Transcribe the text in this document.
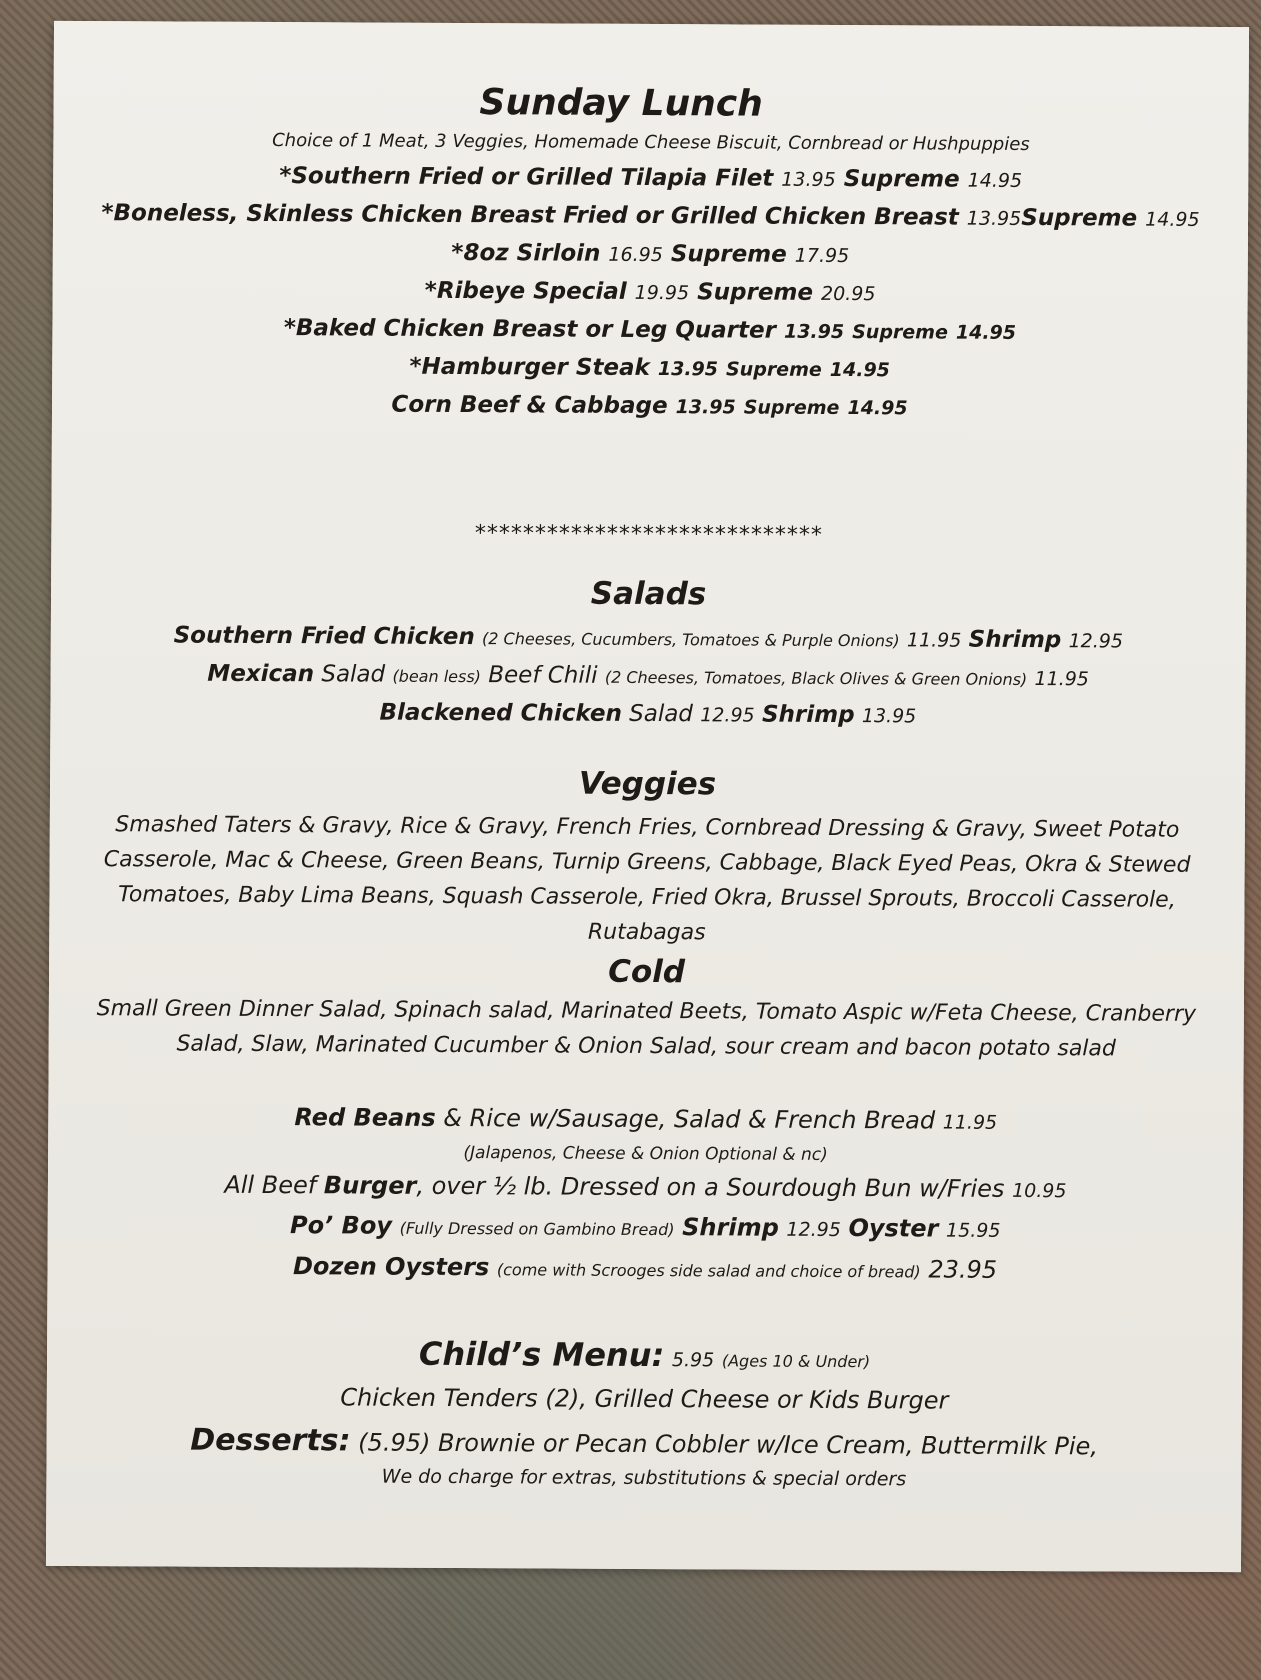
Sunday Lunch
Choice of 1 Meat, 3 Veggies, Homemade Cheese Biscuit, Cornbread or Hushpuppies
*Southern Fried or Grilled Tilapia Filet 13.95 Supreme 14.95
*Boneless, Skinless Chicken Breast Fried or Grilled Chicken Breast 13.95Supreme 14.95
*8oz Sirloin 16.95 Supreme 17.95
*Ribeye Special 19.95 Supreme 20.95
*Baked Chicken Breast or Leg Quarter 13.95 Supreme 14.95
*Hamburger Steak 13.95 Supreme 14.95
Corn Beef & Cabbage 13.95 Supreme 14.95
*****************************
Salads
Southern Fried Chicken (2 Cheeses, Cucumbers, Tomatoes & Purple Onions) 11.95 Shrimp 12.95
Mexican Salad (bean less) Beef Chili (2 Cheeses, Tomatoes, Black Olives & Green Onions) 11.95
Blackened Chicken Salad 12.95 Shrimp 13.95
Veggies

Smashed Taters & Gravy, Rice & Gravy, French Fries, Cornbread Dressing & Gravy, Sweet Potato Casserole, Mac & Cheese, Green Beans, Turnip Greens, Cabbage, Black Eyed Peas, Okra & Stewed Tomatoes, Baby Lima Beans, Squash Casserole, Fried Okra, Brussel Sprouts, Broccoli Casserole, Rutabagas

Cold

Small Green Dinner Salad, Spinach salad, Marinated Beets, Tomato Aspic w/Feta Cheese, Cranberry Salad, Slaw, Marinated Cucumber & Onion Salad, sour cream and bacon potato salad

Red Beans & Rice w/Sausage, Salad & French Bread 11.95
(Jalapenos, Cheese & Onion Optional & nc)
All Beef Burger, over ½ lb. Dressed on a Sourdough Bun w/Fries 10.95
Po’ Boy (Fully Dressed on Gambino Bread) Shrimp 12.95 Oyster 15.95
Dozen Oysters (come with Scrooges side salad and choice of bread) 23.95
Child’s Menu: 5.95 (Ages 10 & Under)
Chicken Tenders (2), Grilled Cheese or Kids Burger
Desserts: (5.95) Brownie or Pecan Cobbler w/Ice Cream, Buttermilk Pie,
We do charge for extras, substitutions & special orders
